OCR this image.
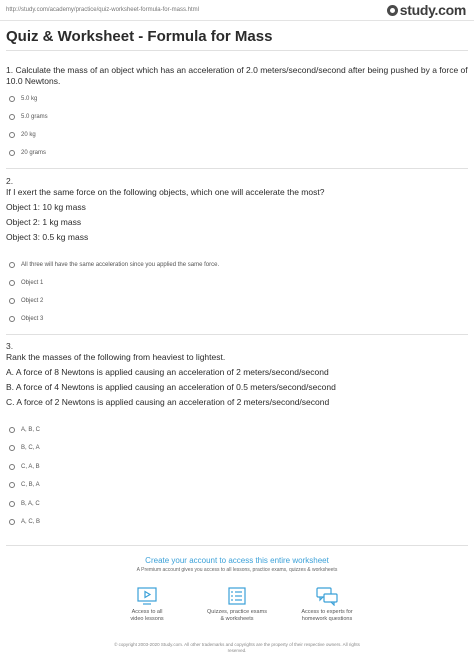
http://study.com/academy/practice/quiz-worksheet-formula-for-mass.html	study.com
Quiz & Worksheet - Formula for Mass
1. Calculate the mass of an object which has an acceleration of 2.0 meters/second/second after being pushed by a force of 10.0 Newtons.
5.0 kg
5.0 grams
20 kg
20 grams
2.
If I exert the same force on the following objects, which one will accelerate the most?
Object 1: 10 kg mass
Object 2: 1 kg mass
Object 3: 0.5 kg mass
All three will have the same acceleration since you applied the same force.
Object 1
Object 2
Object 3
3.
Rank the masses of the following from heaviest to lightest.
A. A force of 8 Newtons is applied causing an acceleration of 2 meters/second/second
B. A force of 4 Newtons is applied causing an acceleration of 0.5 meters/second/second
C. A force of 2 Newtons is applied causing an acceleration of 2 meters/second/second
A, B, C
B, C, A
C, A, B
C, B, A
B, A, C
A, C, B
Create your account to access this entire worksheet
A Premium account gives you access to all lessons, practice exams, quizzes & worksheets
Access to all
video lessons
Quizzes, practice exams
& worksheets
Access to experts for
homework questions
© copyright 2003-2020 Study.com. All other trademarks and copyrights are the property of their respective owners. All rights
reserved.
